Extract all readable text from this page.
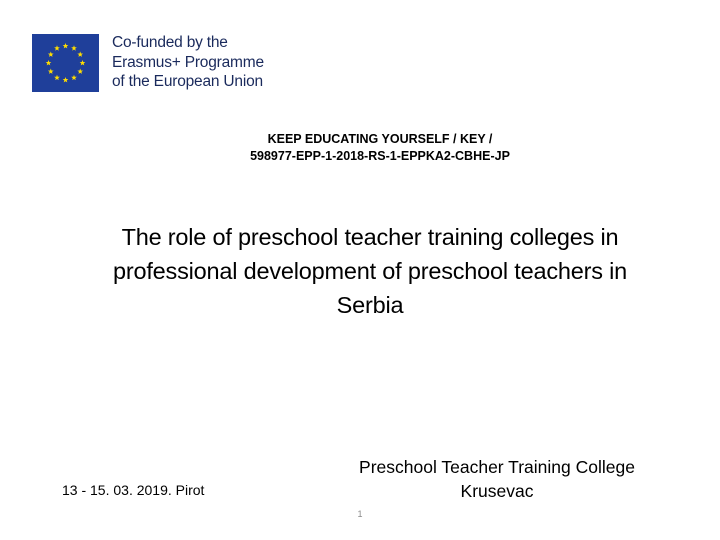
Co-funded by the
Erasmus+ Programme
of the European Union
KEEP EDUCATING YOURSELF / KEY /
598977-EPP-1-2018-RS-1-EPPKA2-CBHE-JP
The role of preschool teacher training colleges in
professional development of preschool teachers in
Serbia
13 - 15. 03. 2019. Pirot
Preschool Teacher Training College
Krusevac
1
